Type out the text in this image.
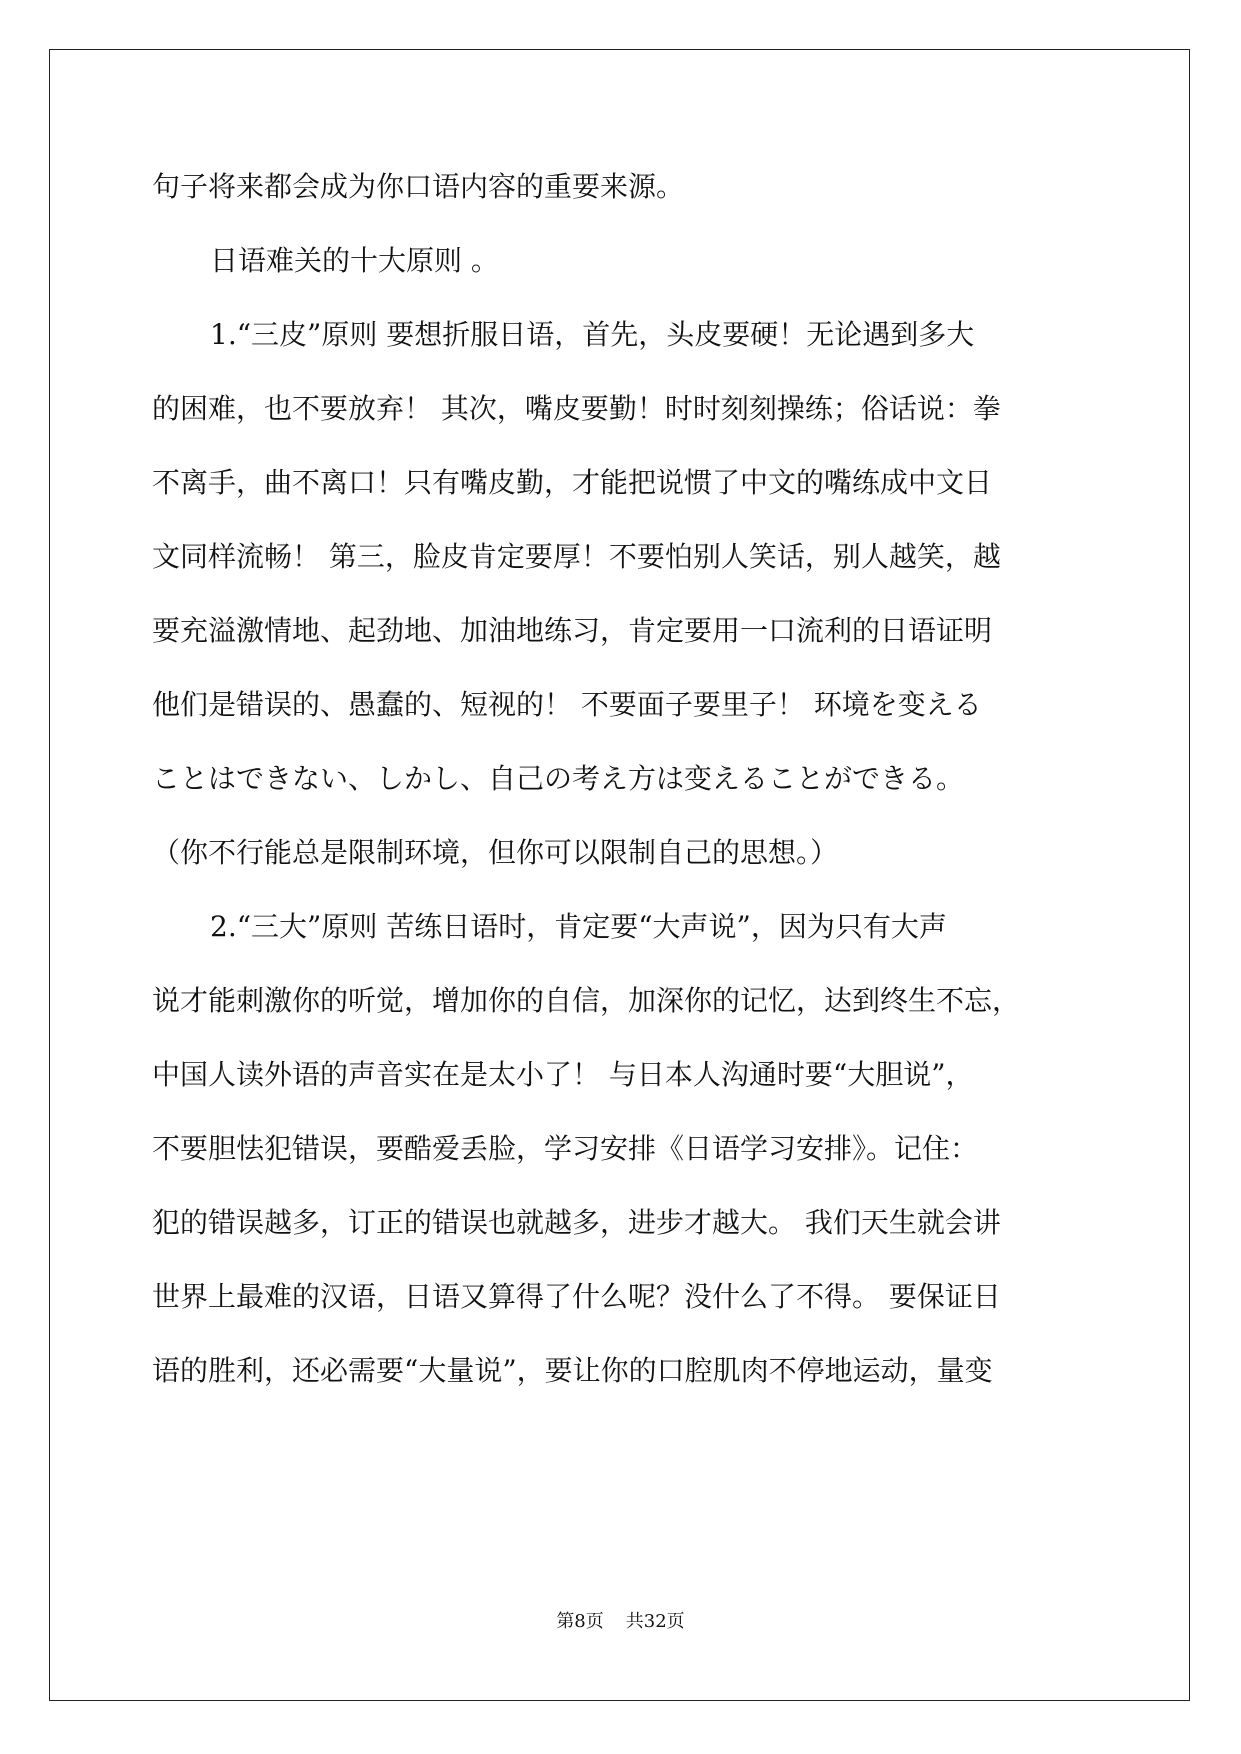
句子将来都会成为你口语内容的重要来源。
日语难关的十大原则 。
1.“三皮”原则 要想折服日语，首先，头皮要硬！无论遇到多大
的困难，也不要放弃！ 其次，嘴皮要勤！时时刻刻操练；俗话说：拳
不离手，曲不离口！只有嘴皮勤，才能把说惯了中文的嘴练成中文日
文同样流畅！ 第三，脸皮肯定要厚！不要怕别人笑话，别人越笑，越
要充溢激情地、起劲地、加油地练习，肯定要用一口流利的日语证明
他们是错误的、愚蠢的、短视的！ 不要面子要里子！ 环境を变える
ことはできない、しかし、自己の考え方は变えることができる。
（你不行能总是限制环境，但你可以限制自己的思想。）
2.“三大”原则 苦练日语时，肯定要“大声说”，因为只有大声
说才能刺激你的听觉，增加你的自信，加深你的记忆，达到终生不忘，
中国人读外语的声音实在是太小了！ 与日本人沟通时要“大胆说”，
不要胆怯犯错误，要酷爱丢脸，学习安排《日语学习安排》。记住：
犯的错误越多，订正的错误也就越多，进步才越大。 我们天生就会讲
世界上最难的汉语，日语又算得了什么呢？没什么了不得。 要保证日
语的胜利，还必需要“大量说”，要让你的口腔肌肉不停地运动，量变
第8页 共32页
